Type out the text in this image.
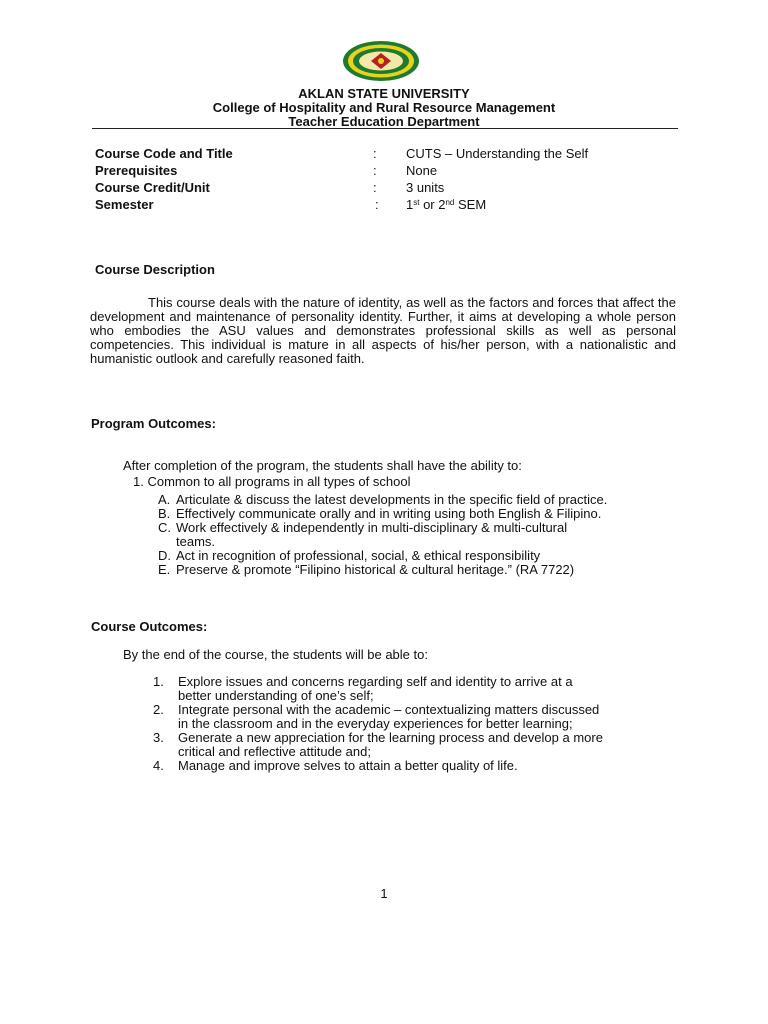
AKLAN STATE UNIVERSITY
College of Hospitality and Rural Resource Management
Teacher Education Department
Course Code and Title	: CUTS – Understanding the Self
Prerequisites	: None
Course Credit/Unit	: 3 units
Semester	: 1st or 2nd SEM
Course Description
This course deals with the nature of identity, as well as the factors and forces that affect the development and maintenance of personality identity. Further, it aims at developing a whole person who embodies the ASU values and demonstrates professional skills as well as personal competencies. This individual is mature in all aspects of his/her person, with a nationalistic and humanistic outlook and carefully reasoned faith.
Program Outcomes:
After completion of the program, the students shall have the ability to:
1. Common to all programs in all types of school
A. Articulate & discuss the latest developments in the specific field of practice.
B. Effectively communicate orally and in writing using both English & Filipino.
C. Work effectively & independently in multi-disciplinary & multi-cultural
teams.
D. Act in recognition of professional, social, & ethical responsibility
E. Preserve & promote “Filipino historical & cultural heritage.” (RA 7722)
Course Outcomes:
By the end of the course, the students will be able to:
1. Explore issues and concerns regarding self and identity to arrive at a
better understanding of one’s self;
2. Integrate personal with the academic – contextualizing matters discussed
in the classroom and in the everyday experiences for better learning;
3. Generate a new appreciation for the learning process and develop a more
critical and reflective attitude and;
4. Manage and improve selves to attain a better quality of life.
1
